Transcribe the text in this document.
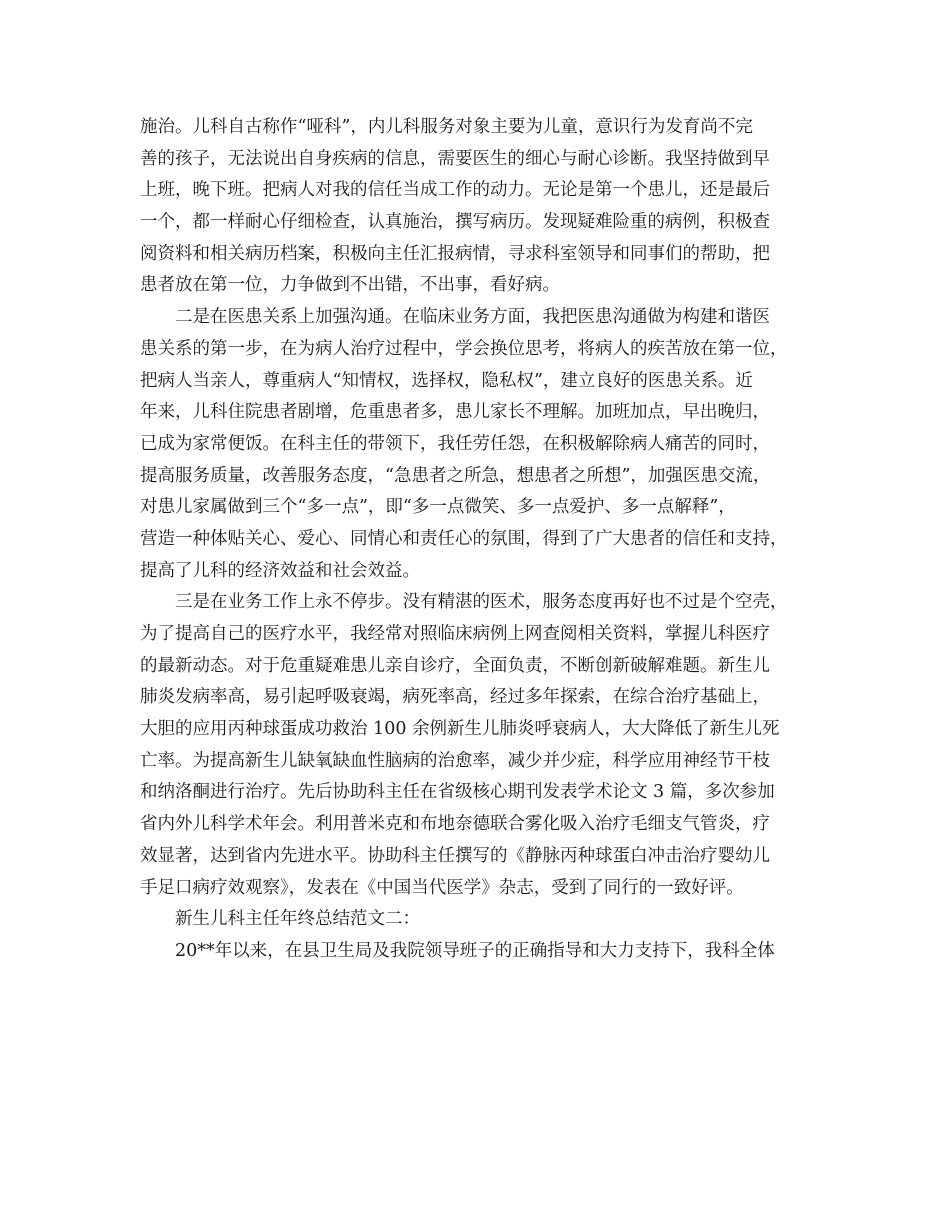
施治。儿科自古称作“哑科”，内儿科服务对象主要为儿童，意识行为发育尚不完
善的孩子，无法说出自身疾病的信息，需要医生的细心与耐心诊断。我坚持做到早
上班，晚下班。把病人对我的信任当成工作的动力。无论是第一个患儿，还是最后
一个，都一样耐心仔细检查，认真施治，撰写病历。发现疑难险重的病例，积极查
阅资料和相关病历档案，积极向主任汇报病情，寻求科室领导和同事们的帮助，把
患者放在第一位，力争做到不出错，不出事，看好病。
二是在医患关系上加强沟通。在临床业务方面，我把医患沟通做为构建和谐医
患关系的第一步，在为病人治疗过程中，学会换位思考，将病人的疾苦放在第一位，
把病人当亲人，尊重病人“知情权，选择权，隐私权”，建立良好的医患关系。近
年来，儿科住院患者剧增，危重患者多，患儿家长不理解。加班加点，早出晚归，
已成为家常便饭。在科主任的带领下，我任劳任怨，在积极解除病人痛苦的同时，
提高服务质量，改善服务态度，“急患者之所急，想患者之所想”，加强医患交流，
对患儿家属做到三个“多一点”，即“多一点微笑、多一点爱护、多一点解释”，
营造一种体贴关心、爱心、同情心和责任心的氛围，得到了广大患者的信任和支持，
提高了儿科的经济效益和社会效益。
三是在业务工作上永不停步。没有精湛的医术，服务态度再好也不过是个空壳，
为了提高自己的医疗水平，我经常对照临床病例上网查阅相关资料，掌握儿科医疗
的最新动态。对于危重疑难患儿亲自诊疗，全面负责，不断创新破解难题。新生儿
肺炎发病率高，易引起呼吸衰竭，病死率高，经过多年探索，在综合治疗基础上，
大胆的应用丙种球蛋成功救治 100 余例新生儿肺炎呼衰病人，大大降低了新生儿死
亡率。为提高新生儿缺氧缺血性脑病的治愈率，减少并少症，科学应用神经节干枝
和纳洛酮进行治疗。先后协助科主任在省级核心期刊发表学术论文 3 篇，多次参加
省内外儿科学术年会。利用普米克和布地奈德联合雾化吸入治疗毛细支气管炎，疗
效显著，达到省内先进水平。协助科主任撰写的《静脉丙种球蛋白冲击治疗婴幼儿
手足口病疗效观察》，发表在《中国当代医学》杂志，受到了同行的一致好评。
新生儿科主任年终总结范文二：
20**年以来，在县卫生局及我院领导班子的正确指导和大力支持下，我科全体
